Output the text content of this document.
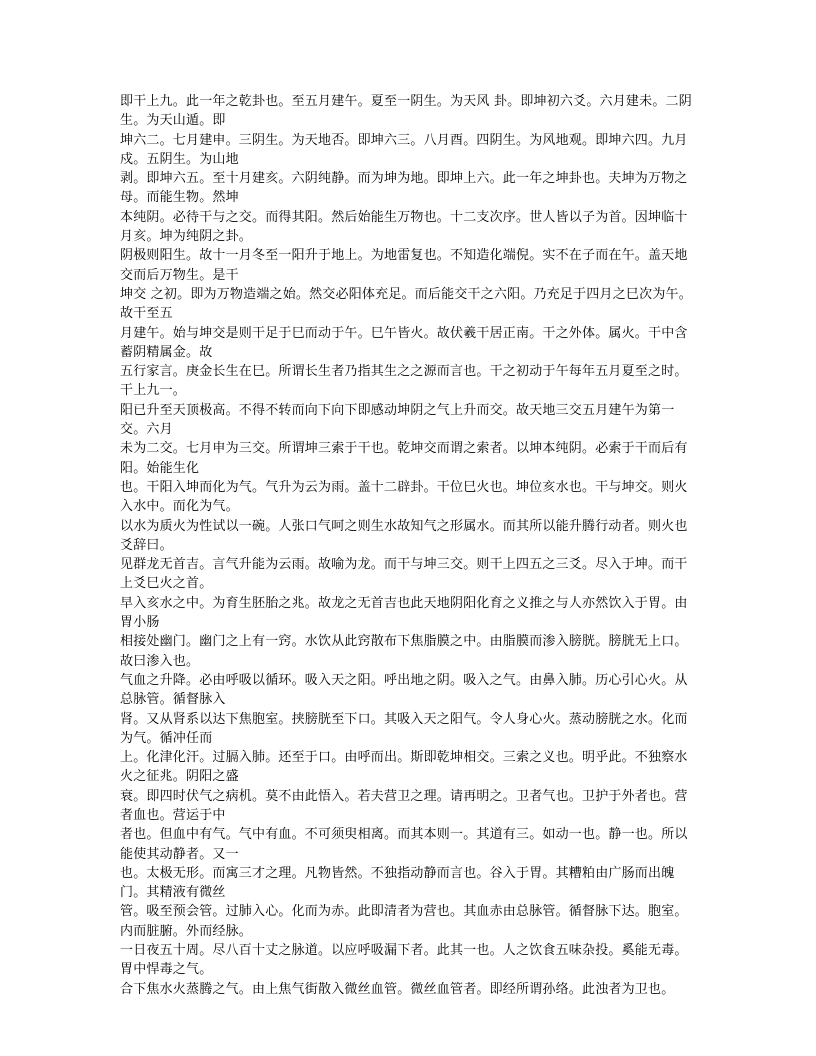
即干上九。此一年之乾卦也。至五月建午。夏至一阴生。为天风 卦。即坤初六爻。六月建未。二阴生。为天山遁。即

坤六二。七月建申。三阴生。为天地否。即坤六三。八月酉。四阴生。为风地观。即坤六四。九月戍。五阴生。为山地

剥。即坤六五。至十月建亥。六阴纯静。而为坤为地。即坤上六。此一年之坤卦也。夫坤为万物之母。而能生物。然坤

本纯阴。必待干与之交。而得其阳。然后始能生万物也。十二支次序。世人皆以子为首。因坤临十月亥。坤为纯阴之卦。

阴极则阳生。故十一月冬至一阳升于地上。为地雷复也。不知造化端倪。实不在子而在午。盖天地交而后万物生。是干

坤交 之初。即为万物造端之始。然交必阳体充足。而后能交干之六阳。乃充足于四月之巳次为午。故干至五

月建午。始与坤交是则干足于巳而动于午。巳午皆火。故伏羲干居正南。干之外体。属火。干中含蓄阴精属金。故

五行家言。庚金长生在巳。所谓长生者乃指其生之之源而言也。干之初动于午每年五月夏至之时。干上九一。

阳已升至天顶极高。不得不转而向下向下即感动坤阴之气上升而交。故天地三交五月建午为第一交。六月

未为二交。七月申为三交。所谓坤三索于干也。乾坤交而谓之索者。以坤本纯阴。必索于干而后有阳。始能生化

也。干阳入坤而化为气。气升为云为雨。盖十二辟卦。干位巳火也。坤位亥水也。干与坤交。则火入水中。而化为气。

以水为质火为性试以一碗。人张口气呵之则生水故知气之形属水。而其所以能升腾行动者。则火也爻辞曰。

见群龙无首吉。言气升能为云雨。故喻为龙。而干与坤三交。则干上四五之三爻。尽入于坤。而干上爻巳火之首。

早入亥水之中。为育生胚胎之兆。故龙之无首吉也此天地阴阳化育之义推之与人亦然饮入于胃。由胃小肠

相接处幽门。幽门之上有一窍。水饮从此窍散布下焦脂膜之中。由脂膜而渗入膀胱。膀胱无上口。故曰渗入也。

气血之升降。必由呼吸以循环。吸入天之阳。呼出地之阴。吸入之气。由鼻入肺。历心引心火。从总脉管。循督脉入

肾。又从肾系以达下焦胞室。挟膀胱至下口。其吸入天之阳气。令人身心火。蒸动膀胱之水。化而为气。循冲任而

上。化津化汗。过膈入肺。还至于口。由呼而出。斯即乾坤相交。三索之义也。明乎此。不独察水火之征兆。阴阳之盛

衰。即四时伏气之病机。莫不由此悟入。若夫营卫之理。请再明之。卫者气也。卫护于外者也。营者血也。营运于中

者也。但血中有气。气中有血。不可须臾相离。而其本则一。其道有三。如动一也。静一也。所以能使其动静者。又一

也。太极无形。而寓三才之理。凡物皆然。不独指动静而言也。谷入于胃。其糟粕由广肠而出魄门。其精液有微丝

管。吸至预会管。过肺入心。化而为赤。此即清者为营也。其血赤由总脉管。循督脉下达。胞室。内而脏腑。外而经脉。

一日夜五十周。尽八百十丈之脉道。以应呼吸漏下者。此其一也。人之饮食五味杂投。奚能无毒。胃中悍毒之气。

合下焦水火蒸腾之气。由上焦气街散入微丝血管。微丝血管者。即经所谓孙络。此浊者为卫也。
